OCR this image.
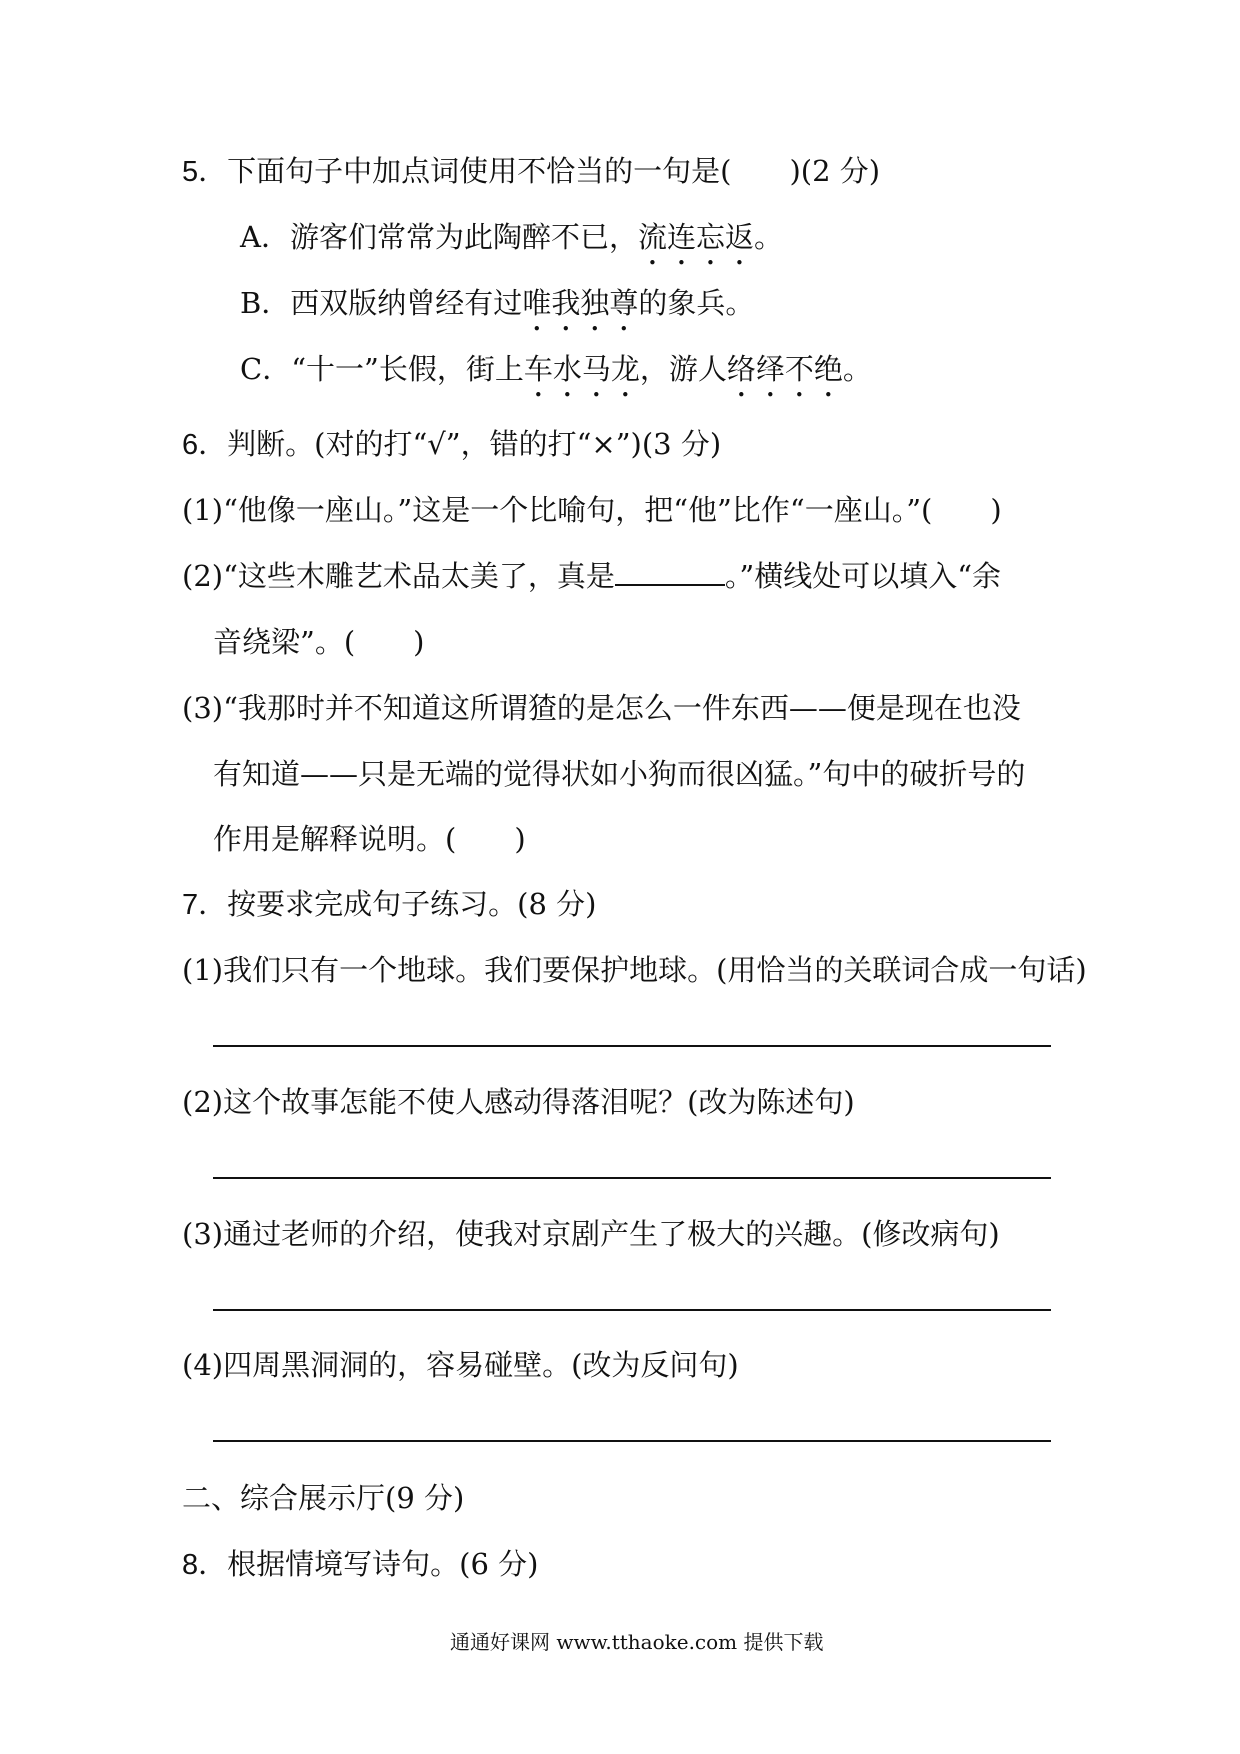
5．下面句子中加点词使用不恰当的一句是(　　)(2 分)
A．游客们常常为此陶醉不已，流连忘返。
B．西双版纳曾经有过唯我独尊的象兵。
C．“十一”长假，街上车水马龙，游人络绎不绝。
6．判断。(对的打“√”，错的打“×”)(3 分)
(1)“他像一座山。”这是一个比喻句，把“他”比作“一座山。”(　　)
(2)“这些木雕艺术品太美了，真是	。”横线处可以填入“余
音绕梁”。(　　)
(3)“我那时并不知道这所谓猹的是怎么一件东西——便是现在也没
有知道——只是无端的觉得状如小狗而很凶猛。”句中的破折号的
作用是解释说明。(　　)
7．按要求完成句子练习。(8 分)
(1)我们只有一个地球。我们要保护地球。(用恰当的关联词合成一句话)
(2)这个故事怎能不使人感动得落泪呢？(改为陈述句)
(3)通过老师的介绍，使我对京剧产生了极大的兴趣。(修改病句)
(4)四周黑洞洞的，容易碰壁。(改为反问句)
二、综合展示厅(9 分)
8．根据情境写诗句。(6 分)
通通好课网 www.tthaoke.com 提供下载
